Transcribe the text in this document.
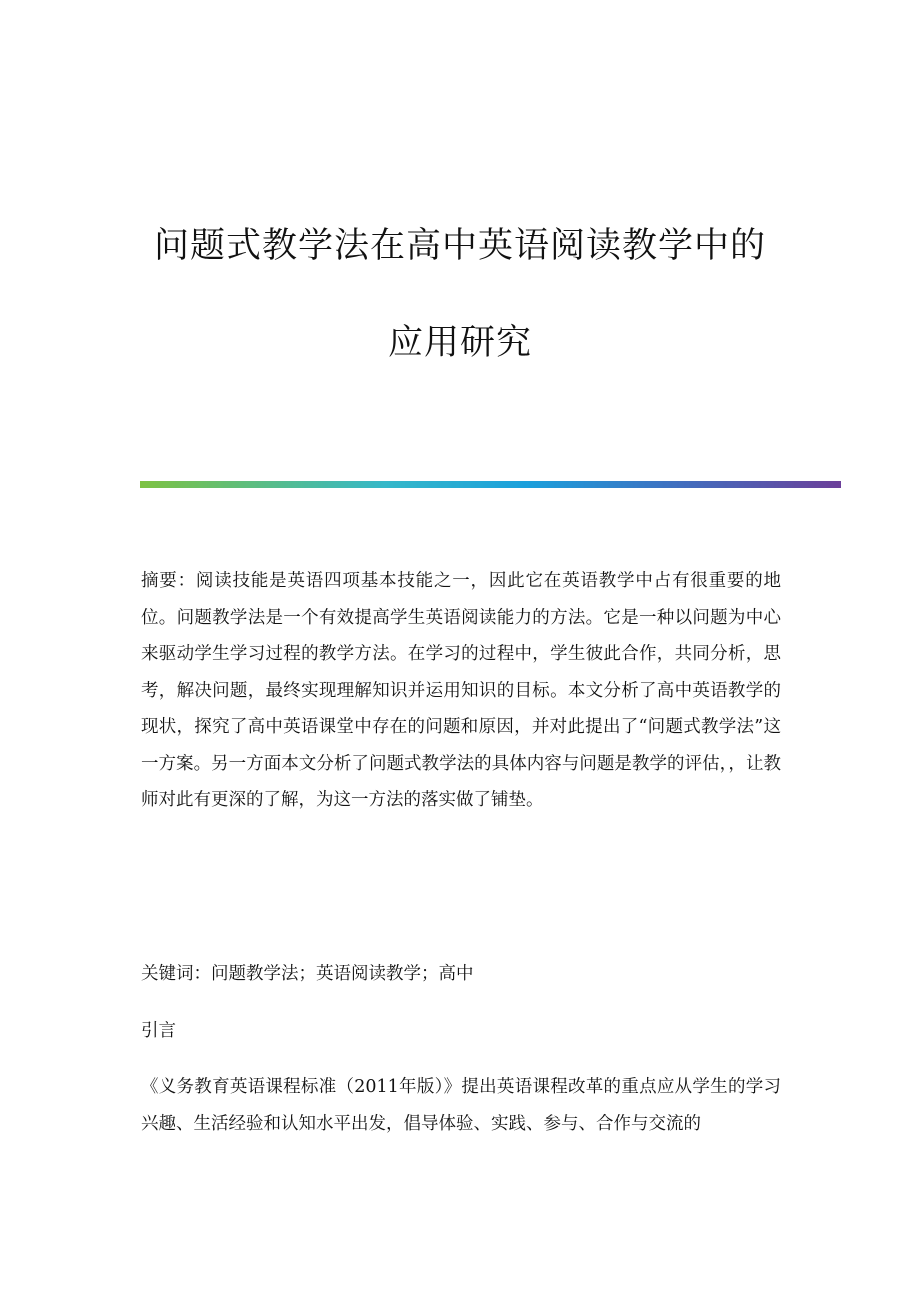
问题式教学法在高中英语阅读教学中的
应用研究
摘要：阅读技能是英语四项基本技能之一，因此它在英语教学中占有很重要的地位。问题教学法是一个有效提高学生英语阅读能力的方法。它是一种以问题为中心来驱动学生学习过程的教学方法。在学习的过程中，学生彼此合作，共同分析，思考，解决问题，最终实现理解知识并运用知识的目标。本文分析了高中英语教学的现状，探究了高中英语课堂中存在的问题和原因，并对此提出了“问题式教学法”这一方案。另一方面本文分析了问题式教学法的具体内容与问题是教学的评估，，让教师对此有更深的了解，为这一方法的落实做了铺垫。
关键词：问题教学法；英语阅读教学；高中
引言
《义务教育英语课程标准（2011年版）》提出英语课程改革的重点应从学生的学习兴趣、生活经验和认知水平出发，倡导体验、实践、参与、合作与交流的
